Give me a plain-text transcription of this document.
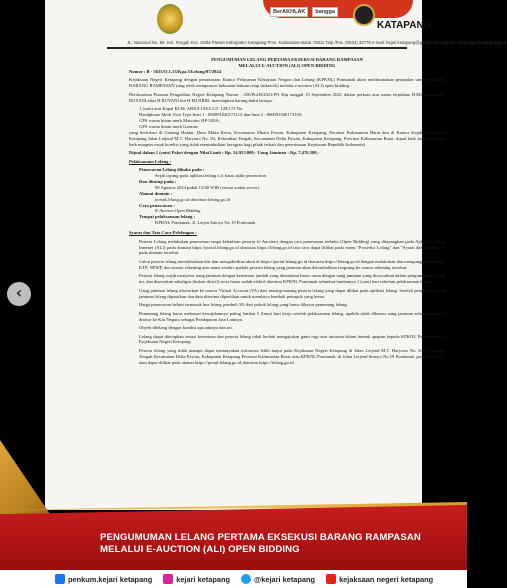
BerAKHLAK	bangga
KATAPANG
JL. Nasional No. 56. Kel. Tengah Kec. Delta Pawan Kabupaten Ketapang Prov. Kalimantan Barat 78811 Telp./Fax. (0534) 32779 e-mail: kejari.ketapang@gmail.com website: www.kejari-ketapang.go.id
PENGUMUMAN LELANG PERTAMA EKSEKUSI BARANG RAMPASAN
MELALUI E-AUCTION (ALI) OPEN BIDDING

Nomor : B - 3635/O.1.13/Kpa.5/Lelang/07/2024

Kejaksaan Negeri Ketapang dengan perantaraan Kantor Pelayanan Kekayaan Negara dan Lelang (KPKNL) Pontianak akan melaksanakan penjualan umum terhadap BARANG RAMPASAN yang telah mempunyai kekuatan hukum tetap (inkracht) melalui e-auction (ALI) open bidding :

Berdasarkan Putusan Pengadilan Negeri Ketapang Nomor : 250/Pid.B/2021/PN Ktp tanggal 15 September 2021 dalam perkara atas nama terpidana H.MUHAMMAD RUYANI alias H RUYANI bin H MUSRID, menetapkan barang bukti berupa :

1 (satu) unit Kapal KLM. ABNA JAYA GT. 128/173 No.
Handphone Merk Vivo Type Imei 1 : 860091040173113 dan Imei 2 : 860091040173105;
GPS warna hitam merk Matsutec HP-528A;
GPS warna hitam merk Garmin;

yang berlokasi di Gudang Haidar, Desa Muka Kerta, Kecamatan Muara Pawan, Kabupaten Ketapang, Provinsi Kalimantan Barat dan di Kantor Kejaksaan Negeri Ketapang Jalan Letjend M.T. Haryono No. 84, Kelurahan Tengah, Kecamatan Delta Pawan, Kabupaten Ketapang, Provinsi Kalimantan Barat, dijual baik dalam keadaan baik maupun rusak kondisi yang tidak menimbulkan kerugian bagi pihak terkait dan penerimaan Kejaksaan Republik Indonesia)

Dijual dalam 1 (satu) Paket dengan Nilai Limit : Rp. 14.953.000,- Uang Jaminan : Rp. 7.476.500,-

Pelaksanaan Lelang :

Penawaran Lelang dibuka pada :
Sejak tayang pada aplikasi lelang s.d. batas akhir penawaran
Dan ditutup pada :
08 Agustus 2024 pukul 15:00 WIB (sesuai waktu server)
Alamat domain :
portal.lelang.go.id dan/atau lelang.go.id
Cara penawaran :
E-Auction Open Bidding
Tempat pelaksanaan lelang :
KPKNL Pontianak, Jl. Letjen Sutoyo No 19 Pontianak

Syarat dan Tata Cara Pelelangan :

Peserta Lelang melakukan penawaran tanpa kehadiran peserta (e-Auction) dengan cara penawaran terbuka (Open Bidding) yang ditayangkan pada Aplikasi Lelang Internet (ALI) pada domain https://portal.lelang.go.id dan/atau https://lelang.go.id tata cara dapat dilihat pada menu "Prosedur Lelang" dan "Syarat dan Ketentuan" pada domain tersebut.

Calon peserta lelang mendaftarkan diri dan mengaktifkan akun di https://portal.lelang.go.id dan/atau https://lelang.go.id dengan melakukan dan mengunggah softcopy KTP, NPWP, dan nomor rekening atas nama sendiri apabila peserta lelang yang jaminan akan dikembalikan langsung ke nomor rekening tersebut.

Peserta lelang wajib menyetor uang jaminan dengan ketentuan jumlah yang ditentukan harus sama dengan uang jaminan yang disyaratkan dalam pengumuman lelang ini, dan disetorkan sekaligus (bukan dicicil) serta harus sudah efektif diterima KPKNL Pontianak selambat-lambatnya 1 (satu) hari sebelum pelaksanaan lelang.

Uang jaminan lelang disetorkan ke nomor Virtual Account (VA) dari masing-masing peserta lelang yang dapat dilihat pada aplikasi lelang. Setelah penyetoran uang jaminan lelang dipastikan dan data diterima dipastikan untuk membaca kembali petunjuk yang benar.

Harga penawaran belum termasuk bea lelang pembeli 3% dari pokok lelang yang harus dibayar pemenang lelang.

Pemenang lelang harus melunasi kewajibannya paling lambat 5 (lima) hari kerja setelah pelaksanaan lelang, apabila tidak dilunasi uang jaminan seluruhnya akan disetor ke Kas Negara sebagai Pendapatan Jasa Lainnya.

Obyek dilelang dengan kondisi apa adanya dan ini.

Lelang dapat ditetapkan sesuai ketentuan dan peserta lelang tidak berhak mengajukan ganti rugi atas tuntutan dalam bentuk apapun kepada KPKNL Pontianak atau Kejaksaan Negeri Ketapang.

Peserta lelang yang tidak mampu dapat menanyakan informasi lebih lanjut pada Kejaksaan Negeri Ketapang di Jalan Letjend M.T. Haryono No. 84, Kelurahan Tengah Kecamatan Delta Pawan, Kabupaten Ketapang Provinsi Kalimantan Barat atau KPKNL Pontianak, di Jalan Letjend Sutoyo No.19 Pontianak, pada hari kerja, atau dapat dilihat pada alamat https://portal.lelang.go.id dan/atau https://lelang.go.id

PENGUMUMAN LELANG PERTAMA EKSEKUSI BARANG RAMPASAN MELALUI E-AUCTION (ALI) OPEN BIDDING
penkum.kejari ketapang	kejari ketapang	@kejari ketapang	kejaksaan negeri ketapang
‹
